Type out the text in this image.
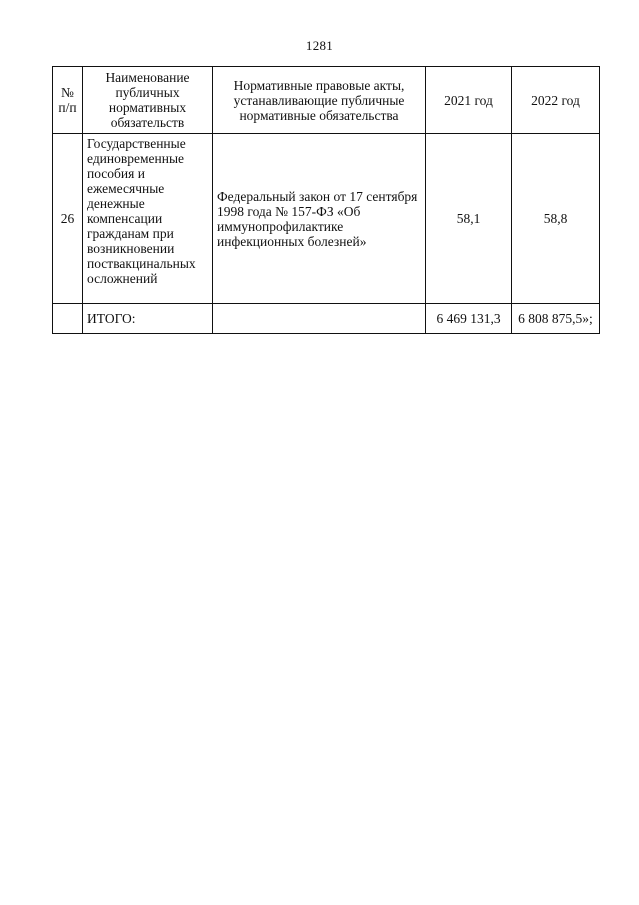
1281
№
п/п	Наименование публичных нормативных обязательств	Нормативные правовые акты, устанавливающие публичные нормативные обязательства	2021 год	2022 год
26	Государственные единовременные пособия и ежемесячные денежные компенсации гражданам при возникновении поствакцинальных осложнений	Федеральный закон от 17 сентября 1998 года № 157-ФЗ «Об иммунопрофилактике инфекционных болезней»	58,1	58,8
	ИТОГО:		6 469 131,3	6 808 875,5»;
